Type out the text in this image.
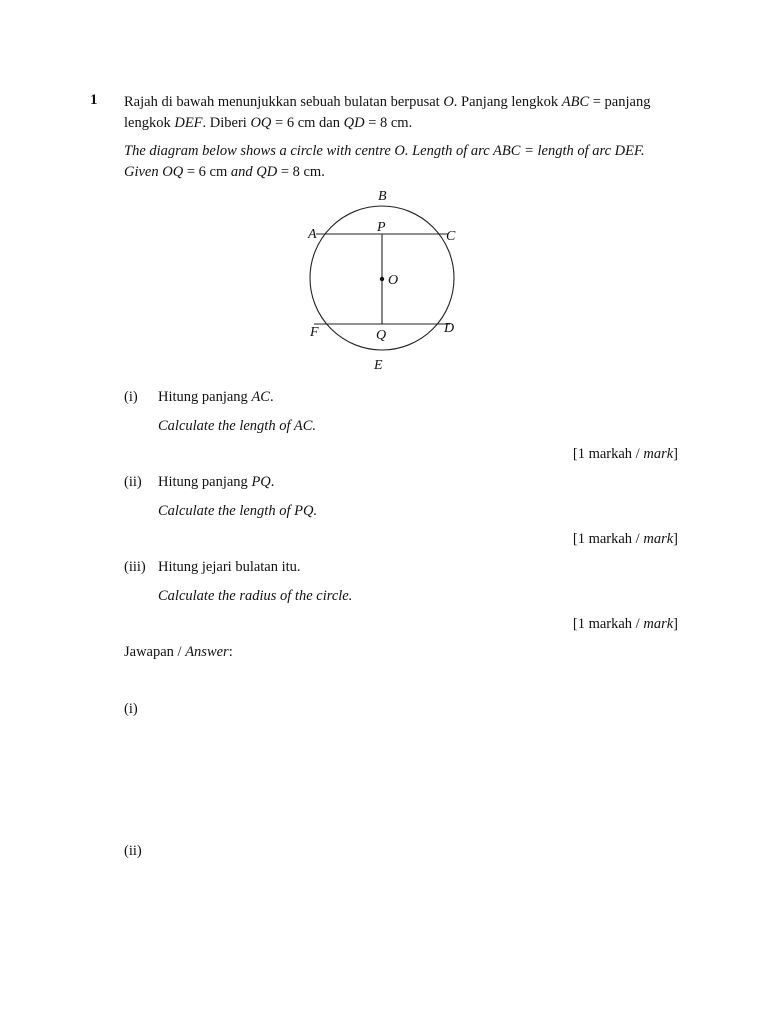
1 Rajah di bawah menunjukkan sebuah bulatan berpusat O. Panjang lengkok ABC = panjang
lengkok DEF. Diberi OQ = 6 cm dan QD = 8 cm.
The diagram below shows a circle with centre O. Length of arc ABC = length of arc DEF.
Given OQ = 6 cm and QD = 8 cm.
B
A	P
C
O
F	Q	D
E
(i) Hitung panjang AC.
Calculate the length of AC.
[1 markah / mark]
(ii) Hitung panjang PQ.
Calculate the length of PQ.
[1 markah / mark]
(iii) Hitung jejari bulatan itu.
Calculate the radius of the circle.
[1 markah / mark]
Jawapan / Answer:
(i)
(ii)
